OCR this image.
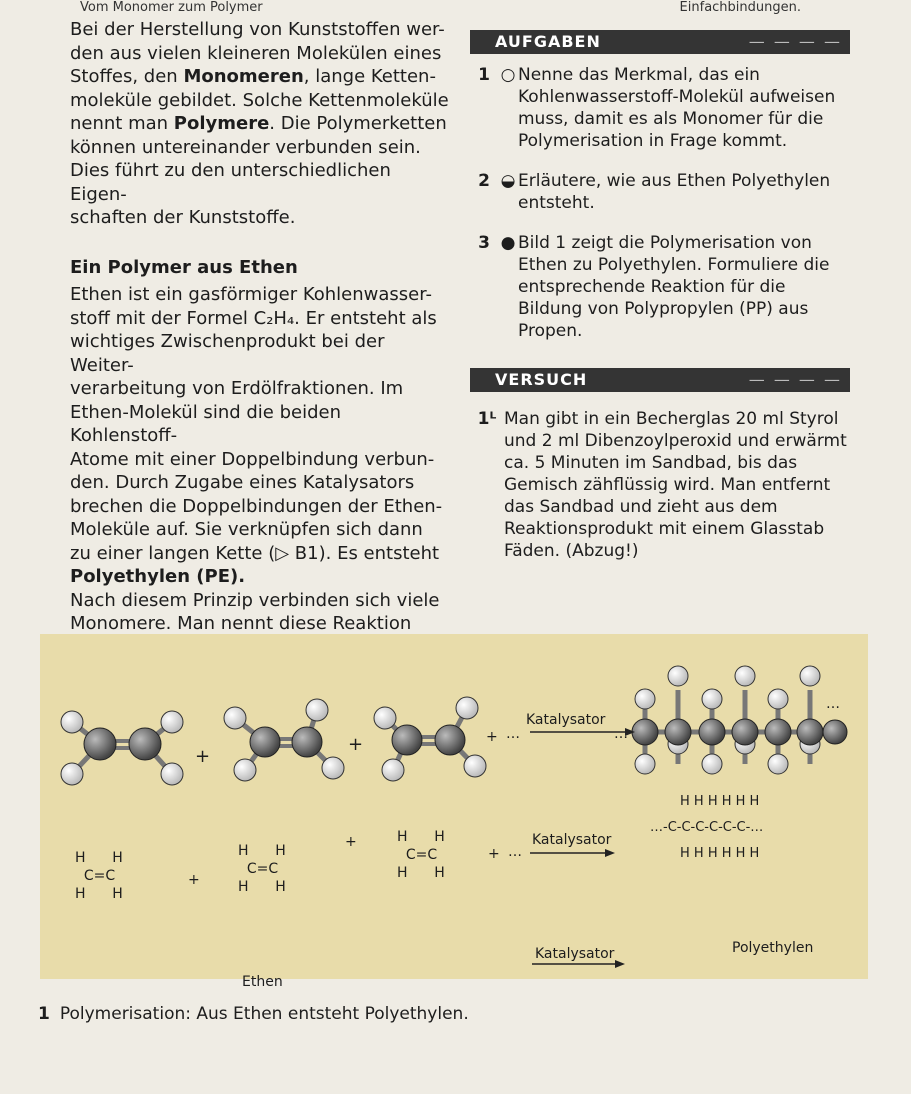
Vom Monomer zum Polymer	Einfachbindungen.

Bei der Herstellung von Kunststoffen wer-

den aus vielen kleineren Molekülen eines

Stoffes, den Monomeren, lange Ketten-

moleküle gebildet. Solche Kettenmoleküle

nennt man Polymere. Die Polymerketten

können untereinander verbunden sein.

Dies führt zu den unterschiedlichen Eigen-

schaften der Kunststoffe.

Ein Polymer aus Ethen

Ethen ist ein gasförmiger Kohlenwasser-

stoff mit der Formel C₂H₄. Er entsteht als

wichtiges Zwischenprodukt bei der Weiter-

verarbeitung von Erdölfraktionen. Im

Ethen-Molekül sind die beiden Kohlenstoff-

Atome mit einer Doppelbindung verbun-

den. Durch Zugabe eines Katalysators

brechen die Doppelbindungen der Ethen-

Moleküle auf. Sie verknüpfen sich dann

zu einer langen Kette (▷ B1). Es entsteht

Polyethylen (PE).

Nach diesem Prinzip verbinden sich viele

Monomere. Man nennt diese Reaktion

AUFGABEN	— — — —
1 ○ Nenne das Merkmal, das ein Kohlenwasserstoff-Molekül aufweisen muss, damit es als Monomer für die Polymerisation in Frage kommt.
2 ◒ Erläutere, wie aus Ethen Polyethylen entsteht.
3 ● Bild 1 zeigt die Polymerisation von Ethen zu Polyethylen. Formuliere die entsprechende Reaktion für die Bildung von Polypropylen (PP) aus Propen.
VERSUCH	— — — —
1ᴸ Man gibt in ein Becherglas 20 ml Styrol und 2 ml Dibenzoylperoxid und erwärmt ca. 5 Minuten im Sandbad, bis das Gemisch zähflüssig wird. Man entfernt das Sandbad und zieht aus dem Reaktionsprodukt mit einem Glasstab Fäden. (Abzug!)
+
+	+ …
Katalysator
…
…
H H
C=C
H H
+
H H
C=C
H H
+	H H
C=C
H H
+ …
Katalysator
H H H H H H
…-C-C-C-C-C-C-…
H H H H H H
Katalysator	Polyethylen
Ethen
1 Polymerisation: Aus Ethen entsteht Polyethylen.
